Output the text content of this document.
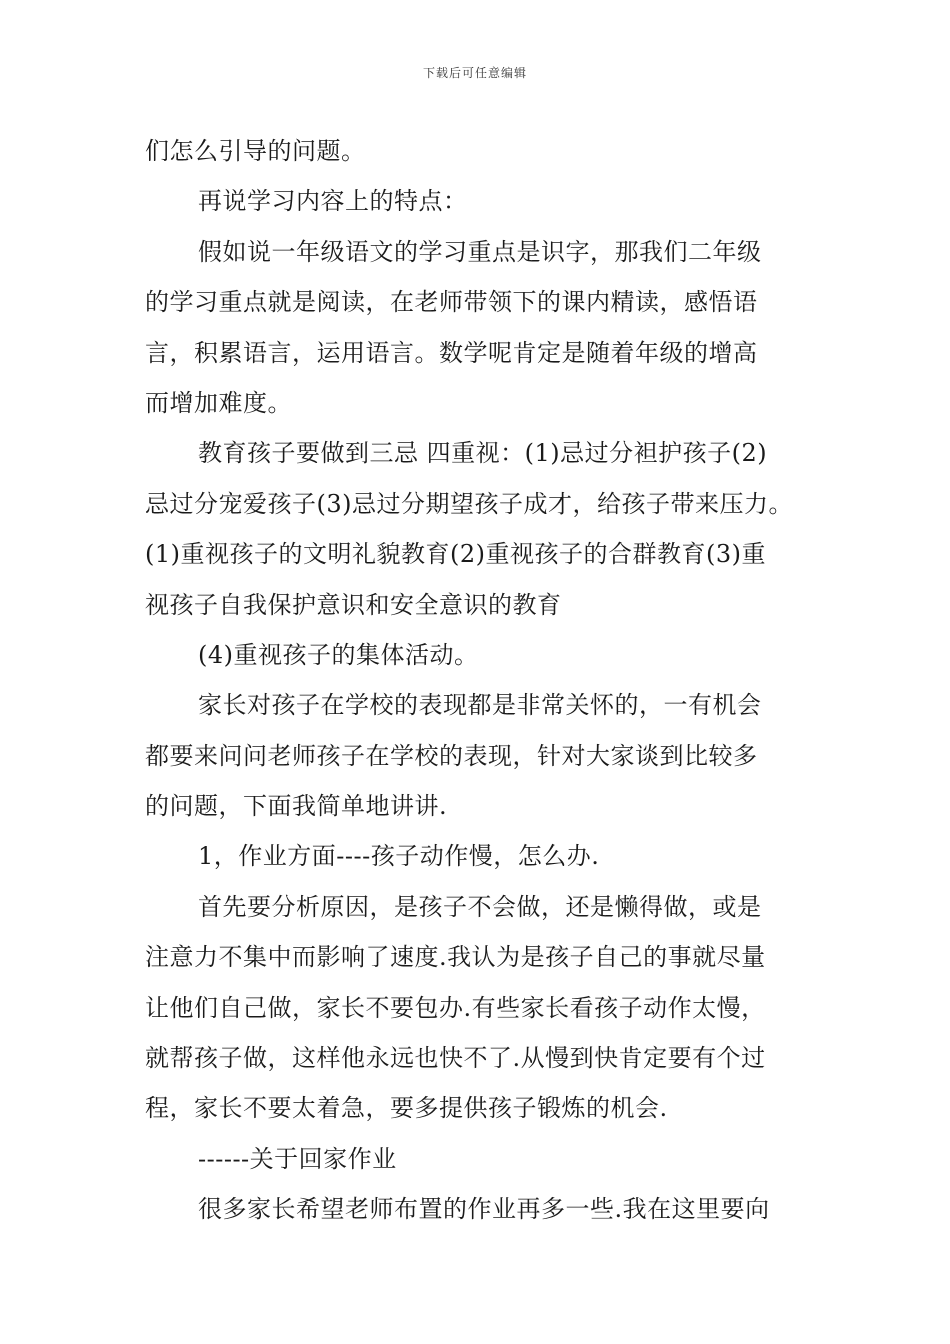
下载后可任意编辑
们怎么引导的问题。
再说学习内容上的特点：
假如说一年级语文的学习重点是识字，那我们二年级
的学习重点就是阅读，在老师带领下的课内精读，感悟语
言，积累语言，运用语言。数学呢肯定是随着年级的增高
而增加难度。
教育孩子要做到三忌 四重视：(1)忌过分袒护孩子(2)
忌过分宠爱孩子(3)忌过分期望孩子成才，给孩子带来压力。
(1)重视孩子的文明礼貌教育(2)重视孩子的合群教育(3)重
视孩子自我保护意识和安全意识的教育
(4)重视孩子的集体活动。
家长对孩子在学校的表现都是非常关怀的，一有机会
都要来问问老师孩子在学校的表现，针对大家谈到比较多
的问题，下面我简单地讲讲.
1，作业方面----孩子动作慢，怎么办.
首先要分析原因，是孩子不会做，还是懒得做，或是
注意力不集中而影响了速度.我认为是孩子自己的事就尽量
让他们自己做，家长不要包办.有些家长看孩子动作太慢，
就帮孩子做，这样他永远也快不了.从慢到快肯定要有个过
程，家长不要太着急，要多提供孩子锻炼的机会.
------关于回家作业
很多家长希望老师布置的作业再多一些.我在这里要向
